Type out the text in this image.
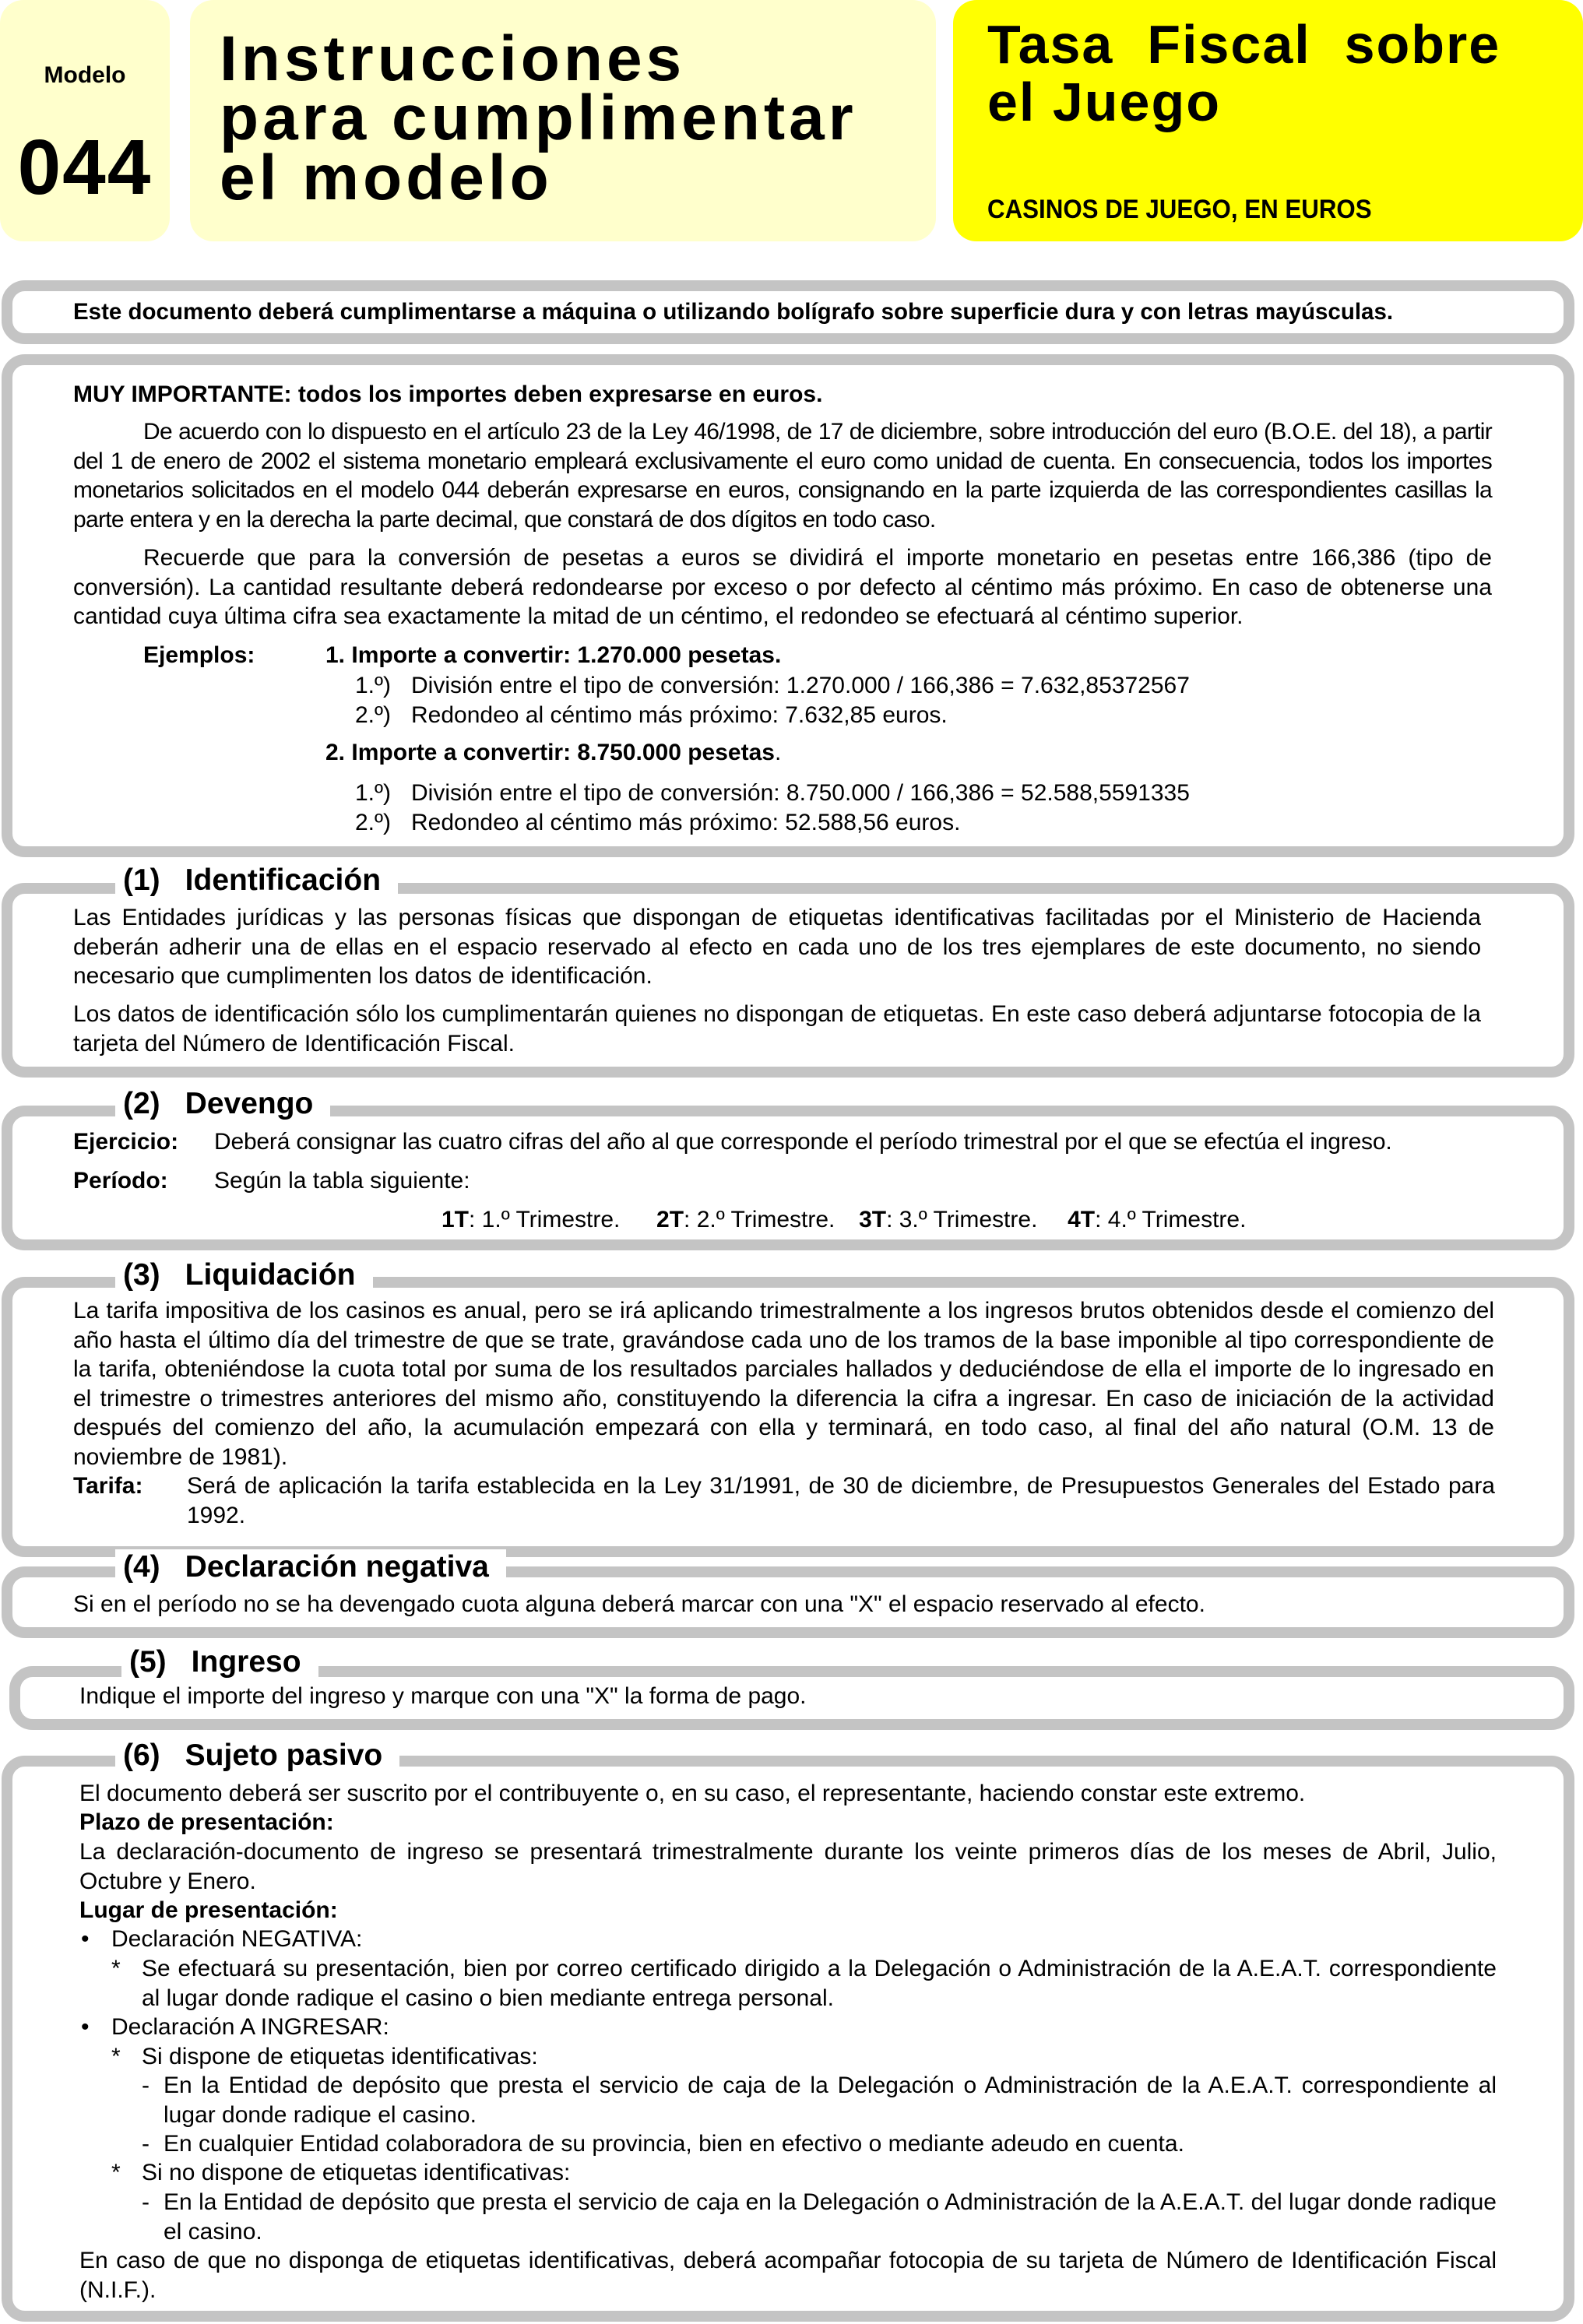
Modelo
044
Instrucciones
para cumplimentar
el modelo
Tasa  Fiscal  sobre
el Juego
CASINOS DE JUEGO, EN EUROS
Este documento deberá cumplimentarse a máquina o utilizando bolígrafo sobre superficie dura y con letras mayúsculas.
MUY IMPORTANTE: todos los importes deben expresarse en euros.

De acuerdo con lo dispuesto en el artículo 23 de la Ley 46/1998, de 17 de diciembre, sobre introducción del euro (B.O.E. del 18), a partir del 1 de enero de 2002 el sistema monetario empleará exclusivamente el euro como unidad de cuenta. En consecuencia, todos los importes monetarios solicitados en el modelo 044 deberán expresarse en euros, consignando en la parte izquierda de las correspondientes casillas la parte entera y en la derecha la parte decimal, que constará de dos dígitos en todo caso.

Recuerde que para la conversión de pesetas a euros se dividirá el importe monetario en pesetas entre 166,386 (tipo de conversión). La cantidad resultante deberá redondearse por exceso o por defecto al céntimo más próximo. En caso de obtenerse una cantidad cuya última cifra sea exactamente la mitad de un céntimo, el redondeo se efectuará al céntimo superior.

Ejemplos:	1. Importe a convertir: 1.270.000 pesetas.
1.º) División entre el tipo de conversión: 1.270.000 / 166,386 = 7.632,85372567
2.º) Redondeo al céntimo más próximo: 7.632,85 euros.
2. Importe a convertir: 8.750.000 pesetas.
1.º) División entre el tipo de conversión: 8.750.000 / 166,386 = 52.588,5591335
2.º) Redondeo al céntimo más próximo: 52.588,56 euros.
(1) Identificación
Las Entidades jurídicas y las personas físicas que dispongan de etiquetas identificativas facilitadas por el Ministerio de Hacienda deberán adherir una de ellas en el espacio reservado al efecto en cada uno de los tres ejemplares de este documento, no siendo necesario que cumplimenten los datos de identificación.
Los datos de identificación sólo los cumplimentarán quienes no dispongan de etiquetas. En este caso deberá adjuntarse fotocopia de la tarjeta del Número de Identificación Fiscal.
(2) Devengo
Ejercicio: Deberá consignar las cuatro cifras del año al que corresponde el período trimestral por el que se efectúa el ingreso.
Período: Según la tabla siguiente:
1T: 1.º Trimestre. 2T: 2.º Trimestre. 3T: 3.º Trimestre. 4T: 4.º Trimestre.
(3) Liquidación
La tarifa impositiva de los casinos es anual, pero se irá aplicando trimestralmente a los ingresos brutos obtenidos desde el comienzo del año hasta el último día del trimestre de que se trate, gravándose cada uno de los tramos de la base imponible al tipo correspondiente de la tarifa, obteniéndose la cuota total por suma de los resultados parciales hallados y deduciéndose de ella el importe de lo ingresado en el trimestre o trimestres anteriores del mismo año, constituyendo la diferencia la cifra a ingresar. En caso de iniciación de la actividad después del comienzo del año, la acumulación empezará con ella y terminará, en todo caso, al final del año natural (O.M. 13 de noviembre de 1981).
Tarifa: Será de aplicación la tarifa establecida en la Ley 31/1991, de 30 de diciembre, de Presupuestos Generales del Estado para 1992.
(4) Declaración negativa
Si en el período no se ha devengado cuota alguna deberá marcar con una "X" el espacio reservado al efecto.
(5) Ingreso
Indique el importe del ingreso y marque con una "X" la forma de pago.
(6) Sujeto pasivo
El documento deberá ser suscrito por el contribuyente o, en su caso, el representante, haciendo constar este extremo.
Plazo de presentación:
La declaración-documento de ingreso se presentará trimestralmente durante los veinte primeros días de los meses de Abril, Julio, Octubre y Enero.
Lugar de presentación:
• Declaración NEGATIVA:
* Se efectuará su presentación, bien por correo certificado dirigido a la Delegación o Administración de la A.E.A.T. correspondiente al lugar donde radique el casino o bien mediante entrega personal.
• Declaración A INGRESAR:
* Si dispone de etiquetas identificativas:
- En la Entidad de depósito que presta el servicio de caja de la Delegación o Administración de la A.E.A.T. correspondiente al lugar donde radique el casino.
- En cualquier Entidad colaboradora de su provincia, bien en efectivo o mediante adeudo en cuenta.
* Si no dispone de etiquetas identificativas:
- En la Entidad de depósito que presta el servicio de caja en la Delegación o Administración de la A.E.A.T. del lugar donde radique el casino.
En caso de que no disponga de etiquetas identificativas, deberá acompañar fotocopia de su tarjeta de Número de Identificación Fiscal (N.I.F.).
